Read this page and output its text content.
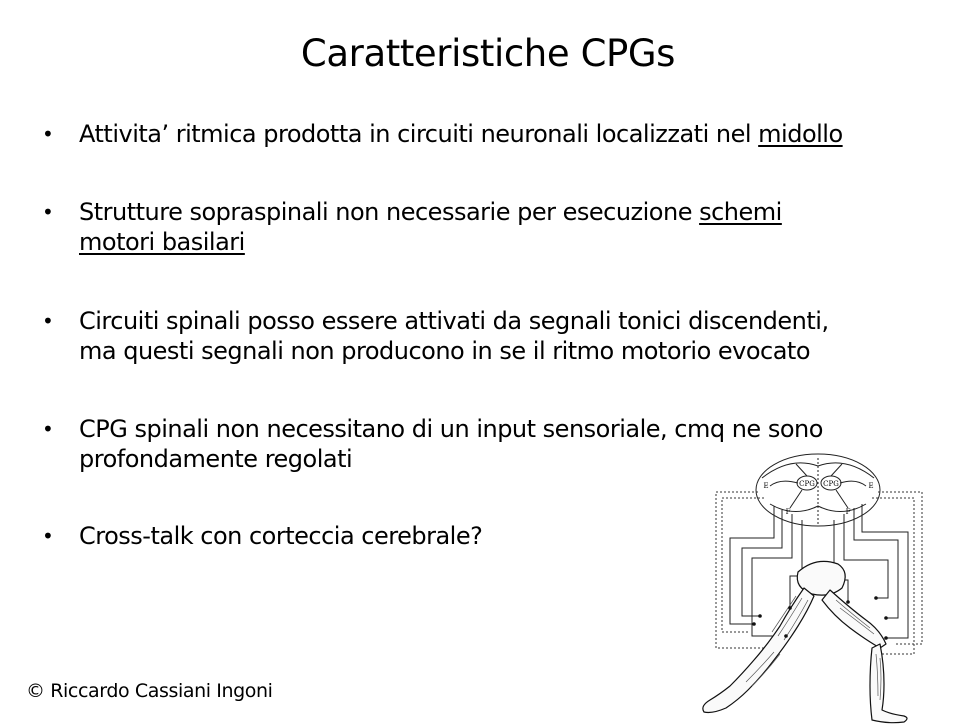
Caratteristiche CPGs
• Attivita’ ritmica prodotta in circuiti neuronali localizzati nel midollo
• Strutture sopraspinali non necessarie per esecuzione schemi
motori basilari
• Circuiti spinali posso essere attivati da segnali tonici discendenti,
ma questi segnali non producono in se il ritmo motorio evocato
• CPG spinali non necessitano di un input sensoriale, cmq ne sono
profondamente regolati
• Cross-talk con corteccia cerebrale?
CPG CPG
E	E
F	F
© Riccardo Cassiani Ingoni
